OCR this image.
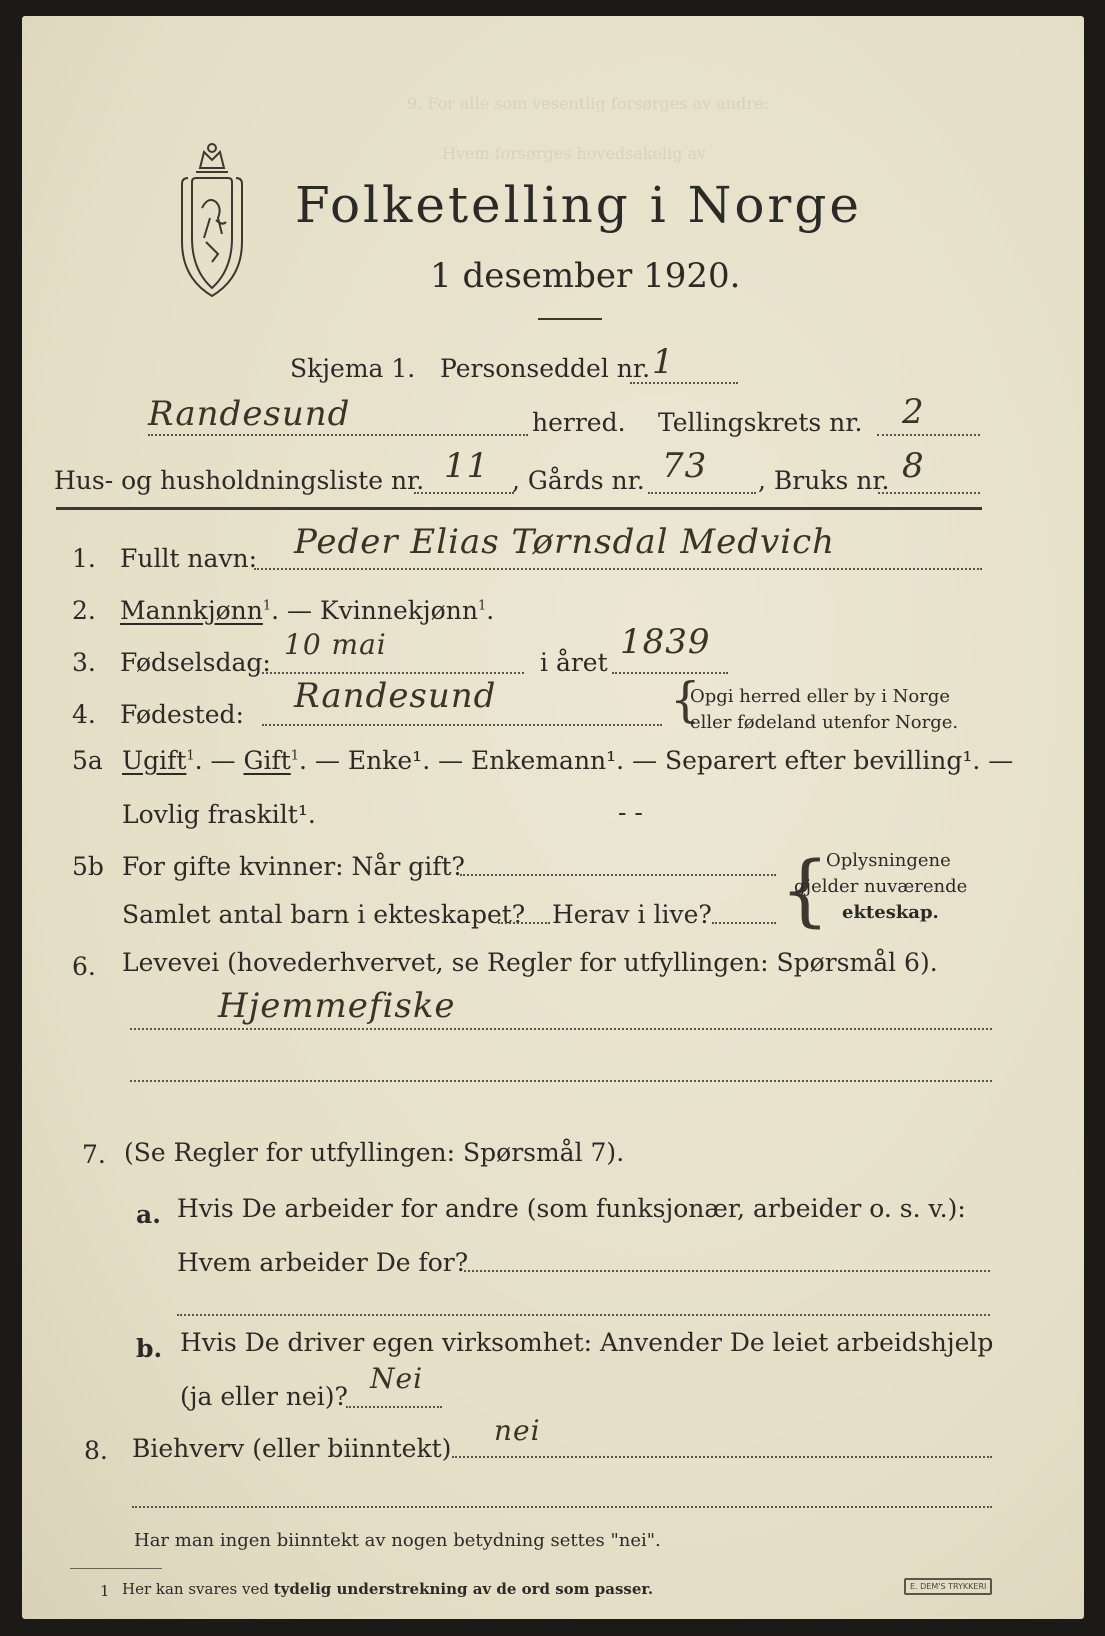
9. For alle som vesentlig forsørges av andre:
Hvem forsørges hovedsakelig av
Folketelling i Norge
1 desember 1920.
Skjema 1. Personseddel nr. 1
Randesund	herred. Tellingskrets nr. 2
Hus- og husholdningsliste nr. 11 , Gårds nr. 73 , Bruks nr. 8
1. Fullt navn: Peder Elias Tørnsdal Medvich
2. Mannkjønn$^1$. — Kvinnekjønn$^1$.
3. Fødselsdag:
10 mai
i året
1839
4. Fødested: Randesund	{
Opgi herred eller by i Norge
eller fødeland utenfor Norge.
5a Ugift$^1$. — Gift$^1$. — Enke¹. — Enkemann¹. — Separert efter bevilling¹. —
Lovlig fraskilt¹.	- -
5b For gifte kvinner: Når gift?
Samlet antal barn i ekteskapet? Herav i live? {
Oplysningene
gjelder nuværende
ekteskap.
6. Levevei (hovederhvervet, se Regler for utfyllingen: Spørsmål 6).
Hjemmefiske
7. (Se Regler for utfyllingen: Spørsmål 7).
a. Hvis De arbeider for andre (som funksjonær, arbeider o. s. v.):
Hvem arbeider De for?
b. Hvis De driver egen virksomhet: Anvender De leiet arbeidshjelp
(ja eller nei)?
Nei
8. Biehverv (eller biinntekt)
nei
Har man ingen biinntekt av nogen betydning settes "nei".
1 Her kan svares ved tydelig understrekning av de ord som passer.	E. DEM'S TRYKKERI
